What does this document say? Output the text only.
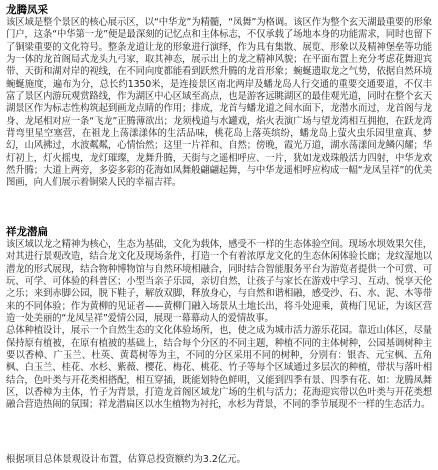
龙腾凤采

该区域是整个景区的核心展示区，以“中华龙”为精髓，“凤舞”为格调。该区作为整个玄天湖最重要的形象门户，这条“中华第一龙”便是最深刻的记忆点和主体标志，不仅承载了场地本身的功能需求，同时也留下了铜梁重要的文化符号。整条龙道让龙的形象进行演绎，作为具有集散、展览、形象以及精神堡垒等功能为一体的龙首阁局式龙头九弓家，取其神态，展示出上的龙之精神风貌；在平面布置上充分考虑花舞迎宾带、天街和湖对岸的视线，在不同向度都能看到跃然升腾的龙首形象；蜿蜒遗取龙之气势，依据自然环境蜿蜒施度，遍布为分，总长约1350米，是连接景区南北两岸及蟠龙岛人行交通的重要交通要道，不仅丰富了景区内游玩观赏路线，作为湖区中心区域至高点，也是游客远眺湖区的最佳观光道，同时在整个玄天湖景区作为标志性构筑起到画龙点睛的作用；排成，龙首与蟠龙道之间水面下，龙潜水而过，龙首阁与龙身、龙尾相对应一条“飞龙”正腾薄欲出；龙须栈道与水罐戏，焰火表演广场与望龙湾相互拥抱，在跃龙湾背弯里星空塞营，在祖龙上荡漾漾体的生活品味，桃花岛上落英缤纷，蟠龙岛上萤火虫乐园里童真、梦幻，山风拂过，水波粼粼，心情怡然；这里一片祥和、自然；傍晚，霞光万道，湖水荡漾间龙鳞闪耀；华灯初上，灯火摇曳，龙灯璀璨，龙舞升腾，天街与之遥相呼应、一片，犹如龙戏珠般活力四射，中华龙欢然升腾；大道上两旁，多姿多彩的花海如凤舞般翩翩起舞，与中华龙遥相呼应构成一幅“龙凤呈祥”的优美图画，向人们展示着铜梁人民的幸福吉祥。

祥龙潜扁

该区域以龙之精神为核心，生态为基础，文化为载体，感受不一样的生态体验空间。现场水坝效果欠佳，对其进行景观改造，结合龙文化及现场条件，打造一个有着浓厚龙文化的生态休闲体验长廊；龙纹湿地以潜龙的形式展现，结合物种博物馆与自然环境相融合，同时结合智能服务平台为游览者提供一个可赏、可玩、可学、可体验的科普区；小型当亲子乐园，亲切自然，让孩子与家长在游戏中学习、互动、悦享天伦之乐；来到赤脚公园，脱下鞋子，解放双脚，释放身心，与自然和谐相融，感受沙、石、水、泥、木等带来的不同体验；作为黄柳的见证者——黄柳门融入场景从土地长出，将斗处迎乘，黄梅门见证，为该区营造一处美丽的“龙凤呈祥”爱情公园，展现一幕幕动人的爱情故事。

总体种植设计，展示一个自然生态的文化体验场所，也，使之成为城市活力游乐花园。靠近山体区，尽量保持原有植被，在原有植被的基础上，结合每个分区的不同主题，种植不同的主体树种，公园基调树种主要以香樟、广玉兰、杜英、黄葛树等为主，不同的分区采用不同的树种，分别有：银杏、元宝枫、五角枫、白玉兰、桂花、水杉、紫薇、樱花、梅花、桃花、竹子等每个区域通过多层次的种植，带状与落叶相结合，色叶类与开花类相搭配，相互穿插，既能划特色鲜明，又能到四季有景、四季有花、如：龙腾凤舞区，以香樟为主体，竹子为背景，打造龙首阁区域龙广场的生机与活力；花海迎宾带以色叶类与开花类想融合营造热闹的氛围；祥龙潜扁区以水生植物为衬托，水杉为背景，不同的季节展现不一样的生态活力。

根据项目总体景观设计布置，估算总投资额约为3.2亿元。
